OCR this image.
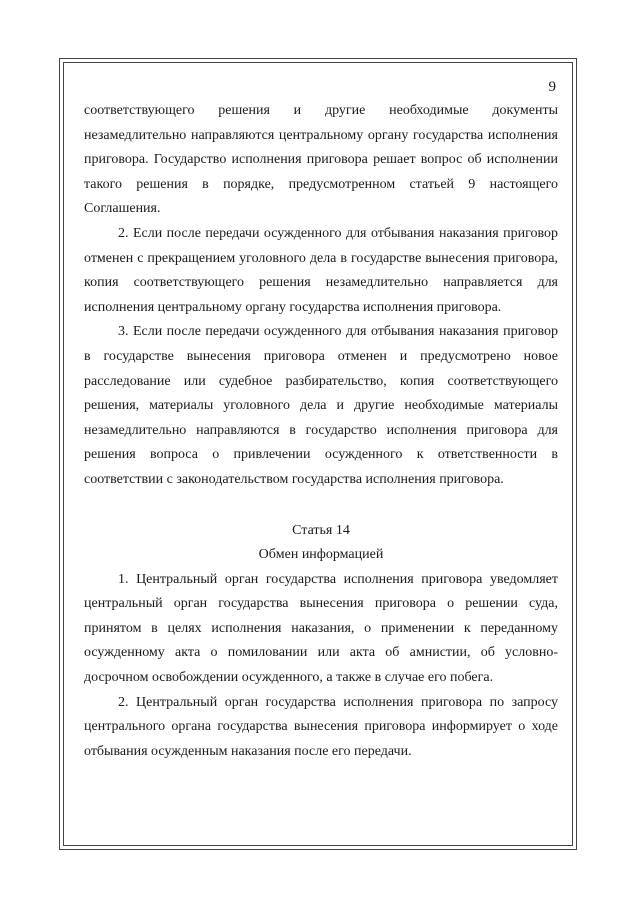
9

соответствующего решения и другие необходимые документы незамедлительно направляются центральному органу государства исполнения приговора. Государство исполнения приговора решает вопрос об исполнении такого решения в порядке, предусмотренном статьей 9 настоящего Соглашения.

2. Если после передачи осужденного для отбывания наказания приговор отменен с прекращением уголовного дела в государстве вынесения приговора, копия соответствующего решения незамедлительно направляется для исполнения центральному органу государства исполнения приговора.

3. Если после передачи осужденного для отбывания наказания приговор в государстве вынесения приговора отменен и предусмотрено новое расследование или судебное разбирательство, копия соответствующего решения, материалы уголовного дела и другие необходимые материалы незамедлительно направляются в государство исполнения приговора для решения вопроса о привлечении осужденного к ответственности в соответствии с законодательством государства исполнения приговора.

Статья 14

Обмен информацией

1. Центральный орган государства исполнения приговора уведомляет центральный орган государства вынесения приговора о решении суда, принятом в целях исполнения наказания, о применении к переданному осужденному акта о помиловании или акта об амнистии, об условно-досрочном освобождении осужденного, а также в случае его побега.

2. Центральный орган государства исполнения приговора по запросу центрального органа государства вынесения приговора информирует о ходе отбывания осужденным наказания после его передачи.
